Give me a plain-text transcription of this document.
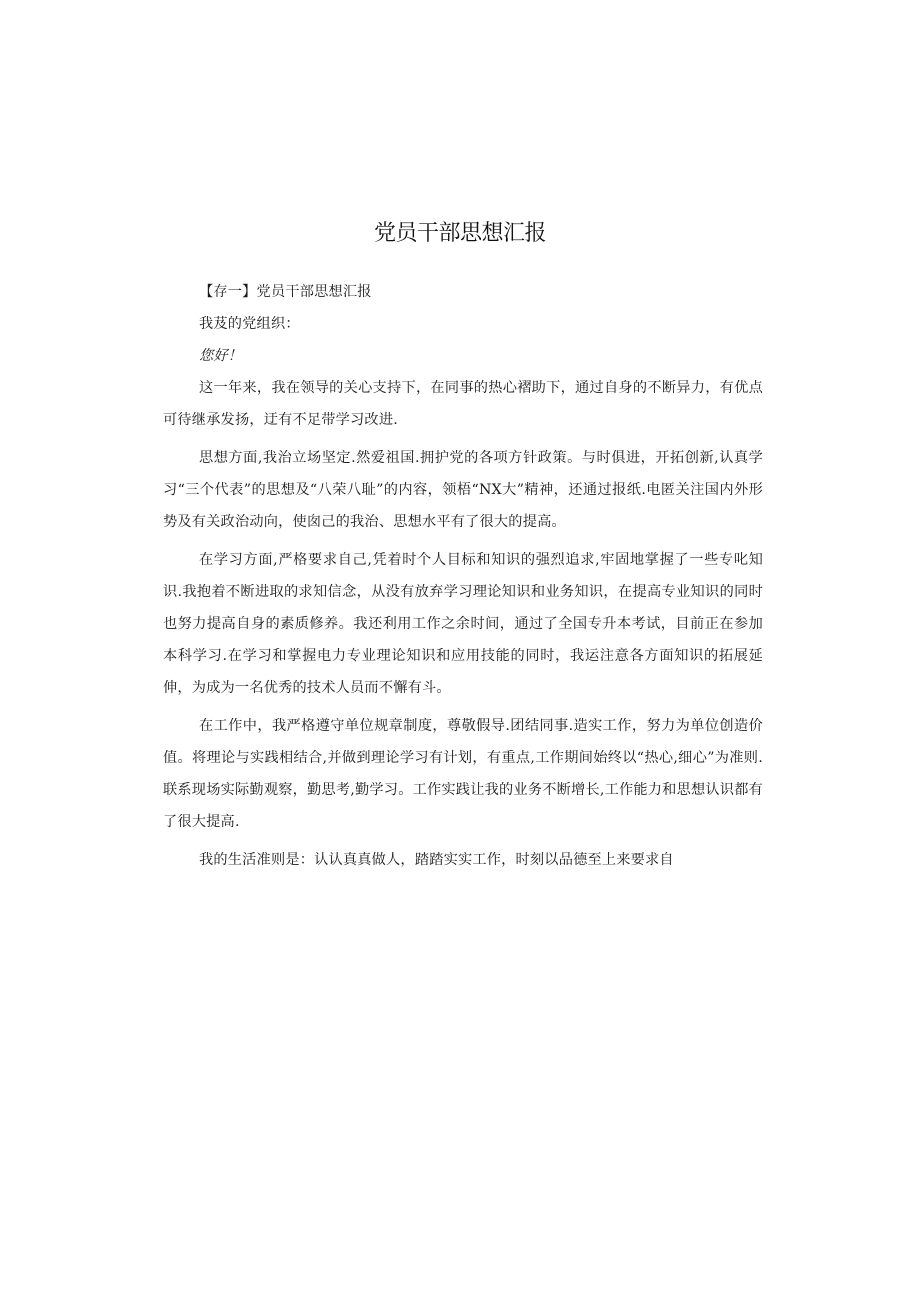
党员干部思想汇报

【存一】党员干部思想汇报

我芨的党组织：

您好！

这一年来，我在领导的关心支持下，在同事的热心褶助下，通过自身的不断异力，有优点可待继承发扬，迂有不足带学习改进.

思想方面,我治立场坚定.然爱祖国.拥护党的各项方针政策。与时俱进，开拓创新,认真学习“三个代表”的思想及“八荣八耻”的内容，领梧“NX大”精神，还通过报纸.电匿关注国内外形势及有关政治动向，使囱己的我治、思想水平有了很大的提高。

在学习方面,严格要求自己,凭着时个人目标和知识的强烈追求,牢固地掌握了一些专叱知识.我抱着不断进取的求知信念，从没有放弃学习理论知识和业务知识，在提高专业知识的同时也努力提高自身的素质修养。我还利用工作之余时间，通过了全国专升本考试，目前正在参加本科学习.在学习和掌握电力专业理论知识和应用技能的同时，我运注意各方面知识的拓展延伸，为成为一名优秀的技术人员而不懈有斗。

在工作中，我严格遵守单位规章制度，尊敬假导.团结同事.造实工作，努力为单位创造价值。将理论与实践相结合,并做到理论学习有计划，有重点,工作期间始终以“热心,细心”为准则.联系现场实际勤观察，勤思考,勤学习。工作实践让我的业务不断增长,工作能力和思想认识都有了很大提高.

我的生活准则是：认认真真做人，踏踏实实工作，时刻以品德至上来要求自
